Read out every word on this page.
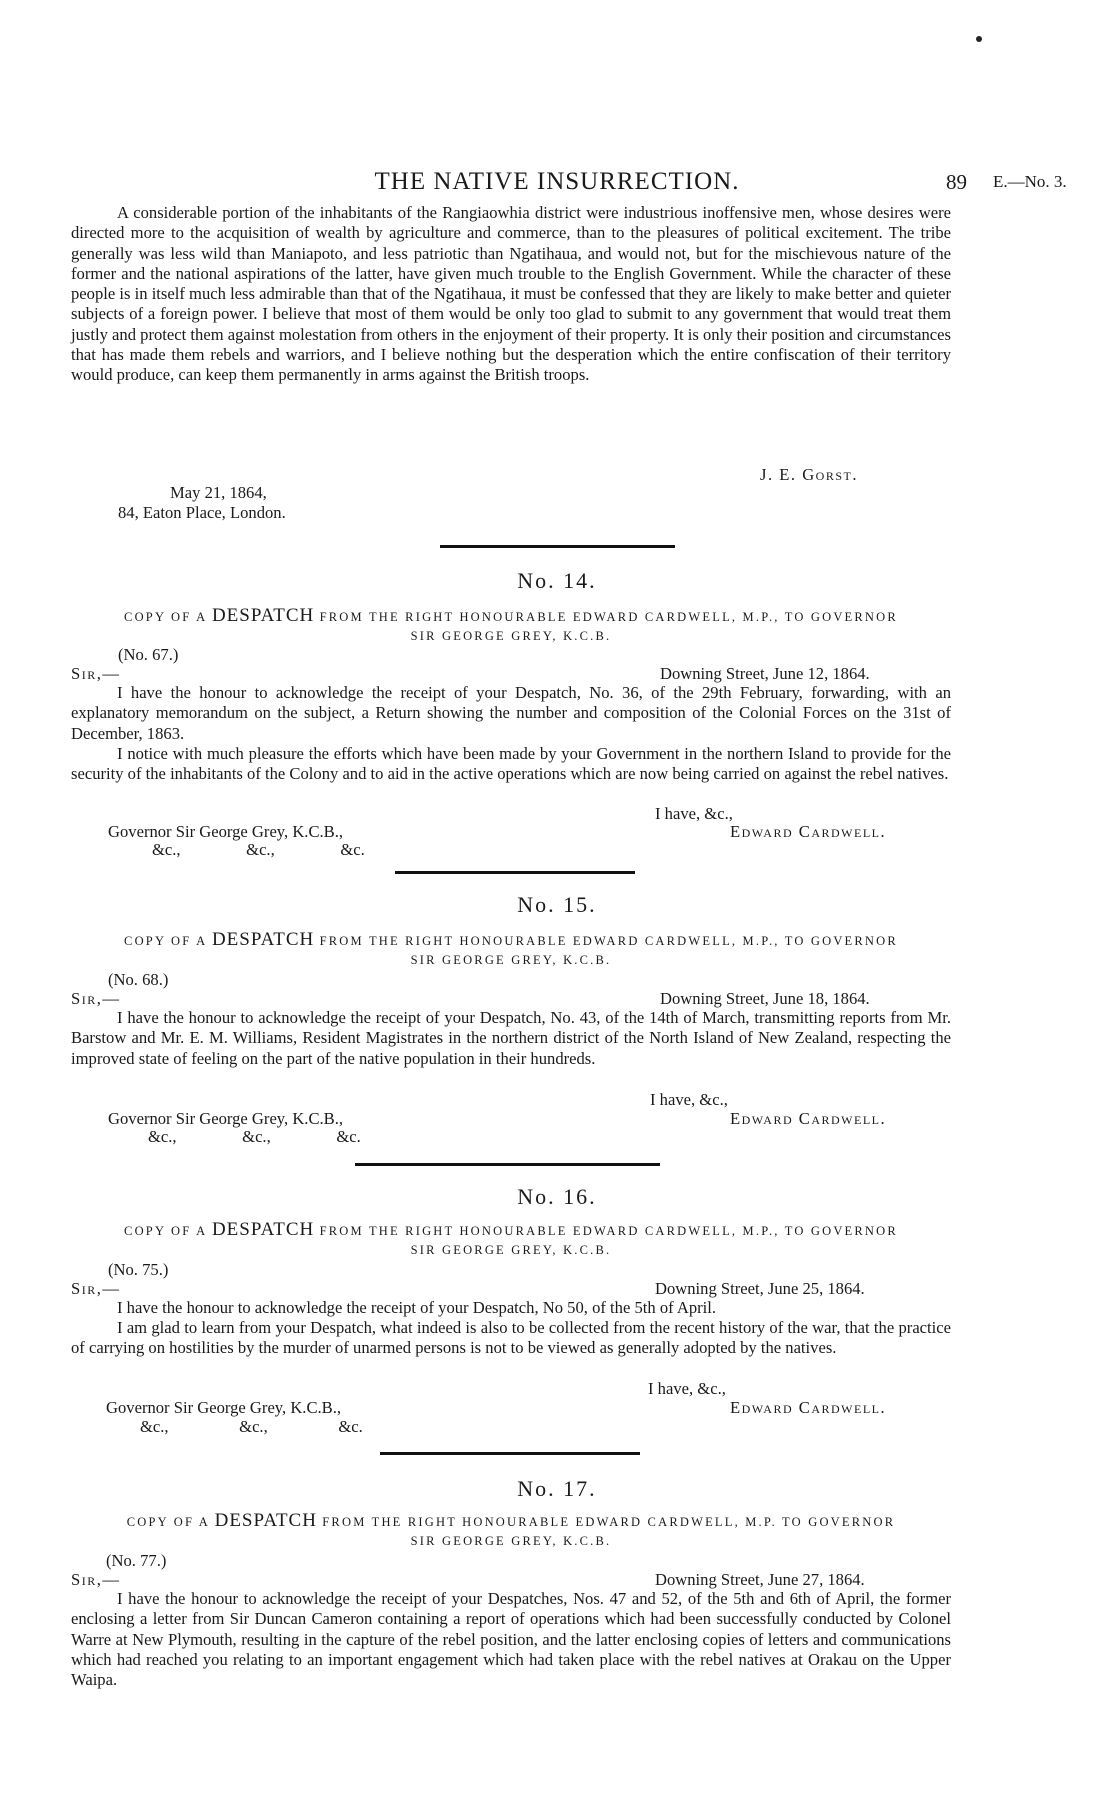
THE NATIVE INSURRECTION.	89 E.—No. 3.
A considerable portion of the inhabitants of the Rangiaowhia district were industrious inoffensive men, whose desires were directed more to the acquisition of wealth by agriculture and commerce, than to the pleasures of political excitement. The tribe generally was less wild than Maniapoto, and less patriotic than Ngatihaua, and would not, but for the mischievous nature of the former and the national aspirations of the latter, have given much trouble to the English Government. While the character of these people is in itself much less admirable than that of the Ngatihaua, it must be confessed that they are likely to make better and quieter subjects of a foreign power. I believe that most of them would be only too glad to submit to any government that would treat them justly and protect them against molestation from others in the enjoyment of their property. It is only their position and circumstances that has made them rebels and warriors, and I believe nothing but the desperation which the entire confiscation of their territory would produce, can keep them permanently in arms against the British troops.
J. E. Gorst.
May 21, 1864,
84, Eaton Place, London.
No. 14.
COPY OF A DESPATCH FROM THE RIGHT HONOURABLE EDWARD CARDWELL, M.P., TO GOVERNOR
SIR GEORGE GREY, K.C.B.
(No. 67.)
Sir,—	Downing Street, June 12, 1864.
I have the honour to acknowledge the receipt of your Despatch, No. 36, of the 29th February, forwarding, with an explanatory memorandum on the subject, a Return showing the number and composition of the Colonial Forces on the 31st of December, 1863.
I notice with much pleasure the efforts which have been made by your Government in the northern Island to provide for the security of the inhabitants of the Colony and to aid in the active operations which are now being carried on against the rebel natives.
I have, &c.,
Governor Sir George Grey, K.C.B.,	Edward Cardwell.
&c.,	&c.,	&c.
No. 15.
COPY OF A DESPATCH FROM THE RIGHT HONOURABLE EDWARD CARDWELL, M.P., TO GOVERNOR
SIR GEORGE GREY, K.C.B.
(No. 68.)
Sir,—	Downing Street, June 18, 1864.
I have the honour to acknowledge the receipt of your Despatch, No. 43, of the 14th of March, transmitting reports from Mr. Barstow and Mr. E. M. Williams, Resident Magistrates in the northern district of the North Island of New Zealand, respecting the improved state of feeling on the part of the native population in their hundreds.
I have, &c.,
Governor Sir George Grey, K.C.B.,	Edward Cardwell.
&c.,	&c.,	&c.
No. 16.
COPY OF A DESPATCH FROM THE RIGHT HONOURABLE EDWARD CARDWELL, M.P., TO GOVERNOR
SIR GEORGE GREY, K.C.B.
(No. 75.)
Sir,—	Downing Street, June 25, 1864.
I have the honour to acknowledge the receipt of your Despatch, No 50, of the 5th of April.
I am glad to learn from your Despatch, what indeed is also to be collected from the recent history of the war, that the practice of carrying on hostilities by the murder of unarmed persons is not to be viewed as generally adopted by the natives.
I have, &c.,
Governor Sir George Grey, K.C.B.,	Edward Cardwell.
&c.,	&c.,	&c.
No. 17.
COPY OF A DESPATCH FROM THE RIGHT HONOURABLE EDWARD CARDWELL, M.P. TO GOVERNOR
SIR GEORGE GREY, K.C.B.
(No. 77.)
Sir,—	Downing Street, June 27, 1864.
I have the honour to acknowledge the receipt of your Despatches, Nos. 47 and 52, of the 5th and 6th of April, the former enclosing a letter from Sir Duncan Cameron containing a report of operations which had been successfully conducted by Colonel Warre at New Plymouth, resulting in the capture of the rebel position, and the latter enclosing copies of letters and communications which had reached you relating to an important engagement which had taken place with the rebel natives at Orakau on the Upper Waipa.
